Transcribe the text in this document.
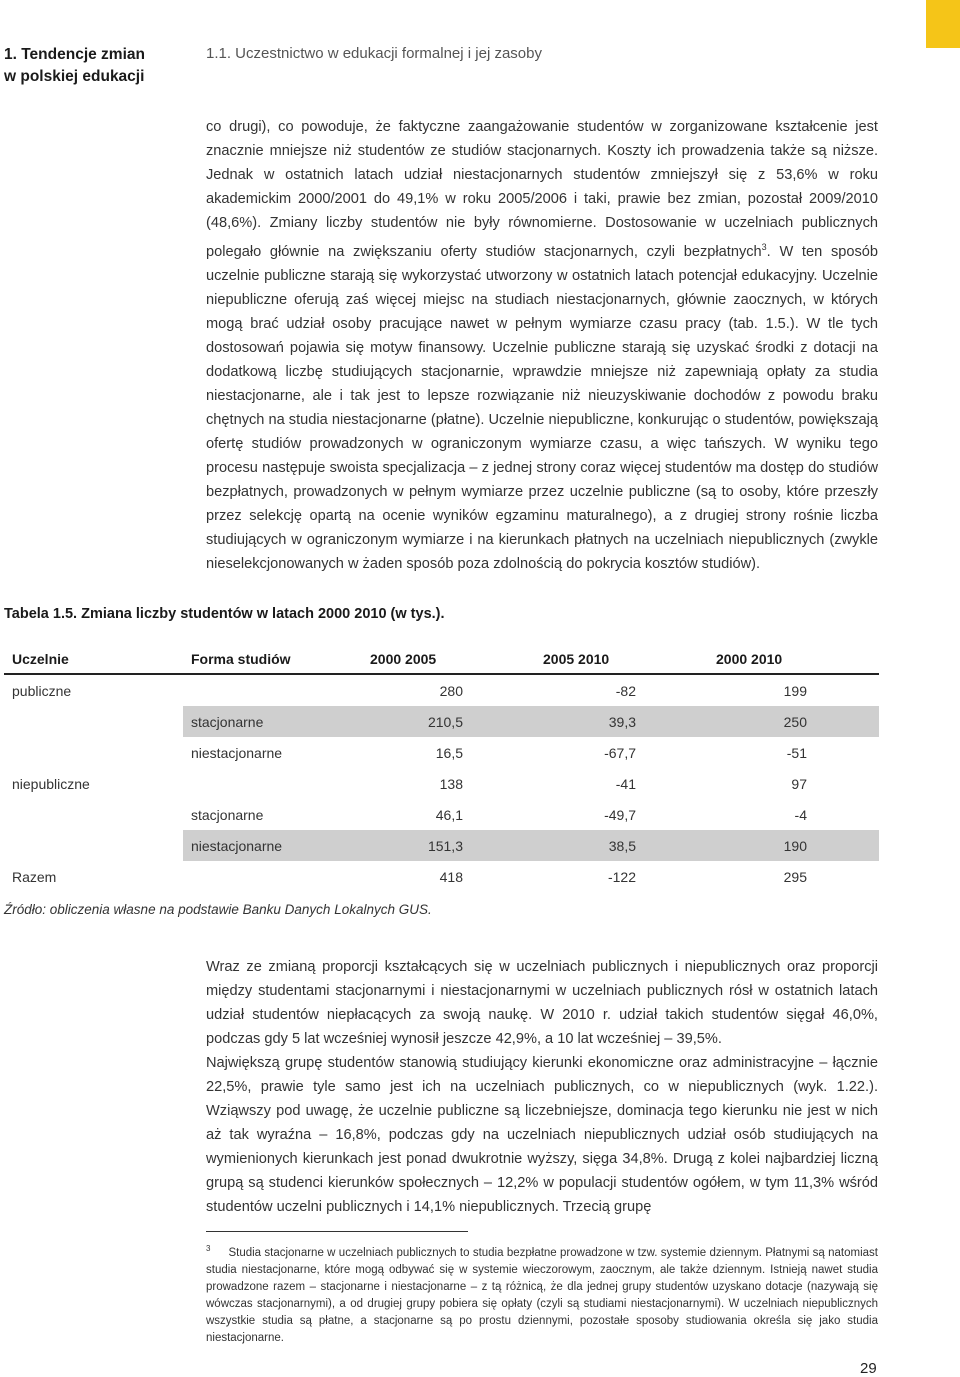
1. Tendencje zmian
w polskiej edukacji
1.1. Uczestnictwo w edukacji formalnej i jej zasoby

co drugi), co powoduje, że faktyczne zaangażowanie studentów w zorganizowane kształcenie jest znacznie mniejsze niż studentów ze studiów stacjonarnych. Koszty ich prowadzenia także są niższe. Jednak w ostatnich latach udział niestacjonarnych studentów zmniejszył się z 53,6% w roku akademickim 2000/2001 do 49,1% w roku 2005/2006 i taki, prawie bez zmian, pozostał 2009/2010 (48,6%). Zmiany liczby studentów nie były równomierne. Dostosowanie w uczelniach publicznych polegało głównie na zwiększaniu oferty studiów stacjonarnych, czyli bezpłatnych$^3$. W ten sposób uczelnie publiczne starają się wykorzystać utworzony w ostatnich latach potencjał edukacyjny. Uczelnie niepubliczne oferują zaś więcej miejsc na studiach niestacjonarnych, głównie zaocznych, w których mogą brać udział osoby pracujące nawet w pełnym wymiarze czasu pracy (tab. 1.5.). W tle tych dostosowań pojawia się motyw finansowy. Uczelnie publiczne starają się uzyskać środki z dotacji na dodatkową liczbę studiujących stacjonarnie, wprawdzie mniejsze niż zapewniają opłaty za studia niestacjonarne, ale i tak jest to lepsze rozwiązanie niż nieuzyskiwanie dochodów z powodu braku chętnych na studia niestacjonarne (płatne). Uczelnie niepubliczne, konkurując o studentów, powiększają ofertę studiów prowadzonych w ograniczonym wymiarze czasu, a więc tańszych. W wyniku tego procesu następuje swoista specjalizacja – z jednej strony coraz więcej studentów ma dostęp do studiów bezpłatnych, prowadzonych w pełnym wymiarze przez uczelnie publiczne (są to osoby, które przeszły przez selekcję opartą na ocenie wyników egzaminu maturalnego), a z drugiej strony rośnie liczba studiujących w ograniczonym wymiarze i na kierunkach płatnych na uczelniach niepublicznych (zwykle nieselekcjonowanych w żaden sposób poza zdolnością do pokrycia kosztów studiów).

Tabela 1.5. Zmiana liczby studentów w latach 2000 2010 (w tys.).
Uczelnie	Forma studiów	2000 2005	2005 2010	2000 2010
publiczne		280	-82	199
	stacjonarne	210,5	39,3	250
	niestacjonarne	16,5	-67,7	-51
niepubliczne		138	-41	97
	stacjonarne	46,1	-49,7	-4
	niestacjonarne	151,3	38,5	190
Razem		418	-122	295
Źródło: obliczenia własne na podstawie Banku Danych Lokalnych GUS.

Wraz ze zmianą proporcji kształcących się w uczelniach publicznych i niepublicznych oraz proporcji między studentami stacjonarnymi i niestacjonarnymi w uczelniach publicznych rósł w ostatnich latach udział studentów niepłacących za swoją naukę. W 2010 r. udział takich studentów sięgał 46,0%, podczas gdy 5 lat wcześniej wynosił jeszcze 42,9%, a 10 lat wcześniej – 39,5%.

Największą grupę studentów stanowią studiujący kierunki ekonomiczne oraz administracyjne – łącznie 22,5%, prawie tyle samo jest ich na uczelniach publicznych, co w niepublicznych (wyk. 1.22.). Wziąwszy pod uwagę, że uczelnie publiczne są liczebniejsze, dominacja tego kierunku nie jest w nich aż tak wyraźna – 16,8%, podczas gdy na uczelniach niepublicznych udział osób studiujących na wymienionych kierunkach jest ponad dwukrotnie wyższy, sięga 34,8%. Drugą z kolei najbardziej liczną grupą są studenci kierunków społecznych – 12,2% w populacji studentów ogółem, w tym 11,3% wśród studentów uczelni publicznych i 14,1% niepublicznych. Trzecią grupę

$^3$ Studia stacjonarne w uczelniach publicznych to studia bezpłatne prowadzone w tzw. systemie dziennym. Płatnymi są natomiast studia niestacjonarne, które mogą odbywać się w systemie wieczorowym, zaocznym, ale także dziennym. Istnieją nawet studia prowadzone razem – stacjonarne i niestacjonarne – z tą różnicą, że dla jednej grupy studentów uzyskano dotacje (nazywają się wówczas stacjonarnymi), a od drugiej grupy pobiera się opłaty (czyli są studiami niestacjonarnymi). W uczelniach niepublicznych wszystkie studia są płatne, a stacjonarne są po prostu dziennymi, pozostałe sposoby studiowania określa się jako studia niestacjonarne.
29
